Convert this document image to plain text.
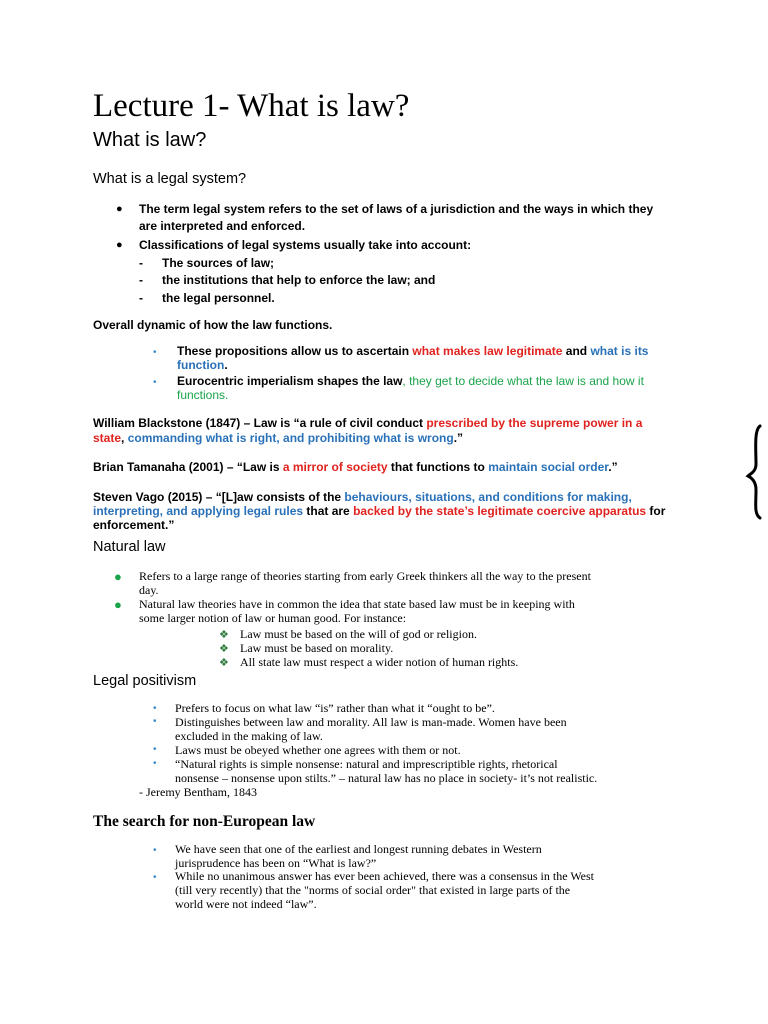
Lecture 1- What is law?
What is law?
What is a legal system?
● The term legal system refers to the set of laws of a jurisdiction and the ways in which they
are interpreted and enforced.
● Classifications of legal systems usually take into account:
- The sources of law;
- the institutions that help to enforce the law; and
- the legal personnel.
Overall dynamic of how the law functions.
• These propositions allow us to ascertain what makes law legitimate and what is its
function.
• Eurocentric imperialism shapes the law, they get to decide what the law is and how it
functions.
William Blackstone (1847) – Law is “a rule of civil conduct prescribed by the supreme power in a
state, commanding what is right, and prohibiting what is wrong.”
Brian Tamanaha (2001) – “Law is a mirror of society that functions to maintain social order.”
Steven Vago (2015) – “[L]aw consists of the behaviours, situations, and conditions for making,
interpreting, and applying legal rules that are backed by the state’s legitimate coercive apparatus for
enforcement.”
Natural law
● Refers to a large range of theories starting from early Greek thinkers all the way to the present
day.
● Natural law theories have in common the idea that state based law must be in keeping with
some larger notion of law or human good. For instance:
❖ Law must be based on the will of god or religion.
❖ Law must be based on morality.
❖ All state law must respect a wider notion of human rights.
Legal positivism
• Prefers to focus on what law “is” rather than what it “ought to be”.
• Distinguishes between law and morality. All law is man-made. Women have been
excluded in the making of law.
• Laws must be obeyed whether one agrees with them or not.
• “Natural rights is simple nonsense: natural and imprescriptible rights, rhetorical
nonsense – nonsense upon stilts.” – natural law has no place in society- it’s not realistic.
- Jeremy Bentham, 1843
The search for non-European law
• We have seen that one of the earliest and longest running debates in Western
jurisprudence has been on “What is law?”
• While no unanimous answer has ever been achieved, there was a consensus in the West
(till very recently) that the "norms of social order" that existed in large parts of the
world were not indeed “law”.
